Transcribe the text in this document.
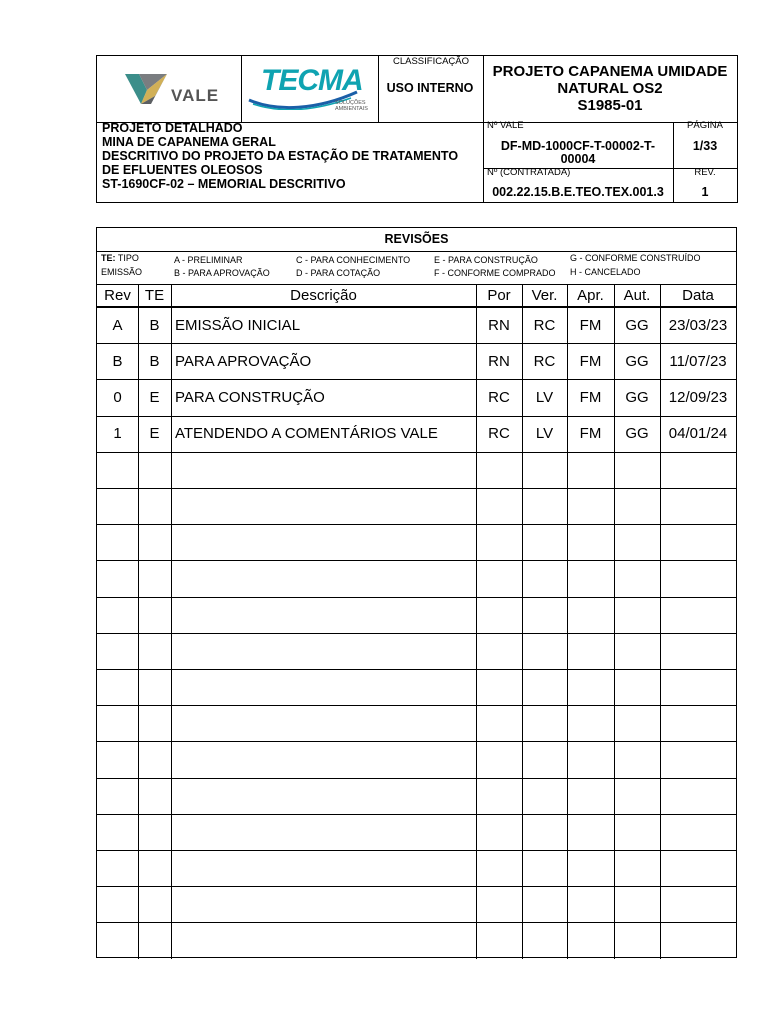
VALE TECMA
SOLUÇÕES AMBIENTAIS
CLASSIFICAÇÃO
USO INTERNO
PROJETO CAPANEMA UMIDADE
NATURAL OS2
S1985-01
PROJETO DETALHADO
MINA DE CAPANEMA GERAL
DESCRITIVO DO PROJETO DA ESTAÇÃO DE TRATAMENTO
DE EFLUENTES OLEOSOS
ST-1690CF-02 – MEMORIAL DESCRITIVO
Nº VALE
DF-MD-1000CF-T-00002-T-
00004
PÁGINA
1/33
Nº (CONTRATADA)
002.22.15.B.E.TEO.TEX.001.3
REV.
1
REVISÕES
TE: TIPO
EMISSÃO
A - PRELIMINAR
B - PARA APROVAÇÃO
C - PARA CONHECIMENTO
D - PARA COTAÇÃO
E - PARA CONSTRUÇÃO
F - CONFORME COMPRADO
G - CONFORME CONSTRUÍDO
H - CANCELADO
Rev TE	Descrição	Por	Ver.	Apr.	Aut.	Data
A	B	EMISSÃO INICIAL	RN	RC	FM	GG	23/03/23
B	B	PARA APROVAÇÃO	RN	RC	FM	GG	11/07/23
0	E	PARA CONSTRUÇÃO	RC	LV	FM	GG	12/09/23
1	E	ATENDENDO A COMENTÁRIOS VALE	RC	LV	FM	GG	04/01/24
